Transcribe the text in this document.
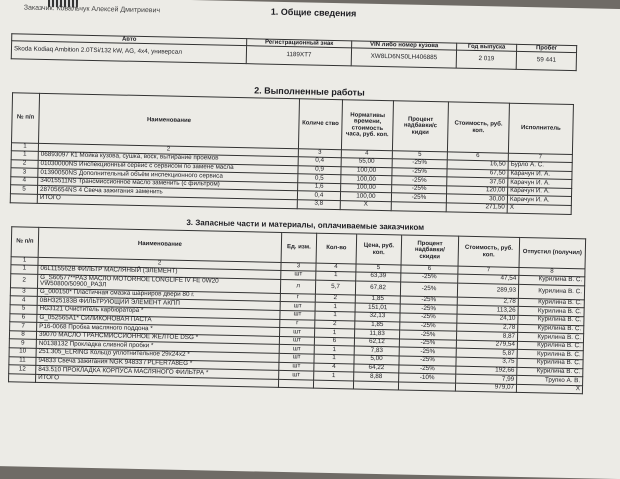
Заказчик: Ковальчук Алексей Дмитриевич	1. Общие сведения
Авто	Регистрационный знак	VIN либо номер кузова	Год выпуска	Пробег
Skoda Kodiaq Ambition 2.0TSi/132 kW, AG, 4x4, универсал	1189ХТ7	XW8LD6NS0LH406885	2 019	59 441
2. Выполненные работы
№ п/п	Наименование	Количе ство	Нормативы времени, стоимость часа, руб. коп.	Процент надбавки/с кидки	Стоимость, руб. коп.	Исполнитель
1	2	3	4	5	6	7
1	06893097 К1 Мойка кузова, сушка, воск, вытирание проемов	0,4	55,00	-25%	16,50	Бурло А. С.
2	01030000NS Инспекционный сервис с сервисом по замене масла	0,9	100,00	-25%	67,50	Карачун И. А.
3	01390050NS Дополнительный объём инспекционного сервиса	0,5	100,00	-25%	37,50	Карачун И. А.
4	34015511NS Трансмиссионное масло заменить (с фильтром)	1,6	100,00	-25%	120,00	Карачун И. А.
5	28705654NS 4 Свеча зажигания заменить	0,4	100,00	-25%	30,00	Карачун И. А.
	ИТОГО	3,8	X		271,50	X
3. Запасные части и материалы, оплачиваемые заказчиком
№ п/п	Наименование	Ед. изм.	Кол-во	Цена, руб. коп.	Процент надбавки/ скидки	Стоимость, руб. коп.	Отпустил (получил)
1	2	3	4	5	6	7	8
1	06L115562B ФИЛЬТР МАСЛЯНЫЙ (ЭЛЕМЕНТ)	шт	1	63,39	-25%	47,54	Курилина В. С.
2	G_S60577**РАЗ МАСЛО MOTORHOE LONGLIFE IV FE 0W20 VW50800/50900_РАЗЛ	л	5,7	67,82	-25%	289,93	Курилина В. С.
3	G_000150* Пластичная смазка шарниров двери 80 г.	г	2	1,85	-25%	2,78	Курилина В. С.
4	0BH325183B ФИЛЬТРУЮЩИЙ ЭЛЕМЕНТ АКПП	шт	1	151,01	-25%	113,26	Курилина В. С.
5	HG3121 Очиститель карбюратора *	шт	1	32,13	-25%	24,10	Курилина В. С.
6	G_052565A1* СИЛИКОНОВАЯ ПАСТА	г	2	1,85	-25%	2,78	Курилина В. С.
7	P16-0068 Пробка масляного поддона *	шт	1	11,83	-25%	8,87	Курилина В. С.
8	39070 МАСЛО ТРАНСМИССИОННОЕ ЖЕЛТОЕ DSG *	шт	6	62,12	-25%	279,54	Курилина В. С.
9	N0138132 Прокладка сливной пробки *	шт	1	7,83	-25%	5,87	Курилина В. С.
10	251.305_ELRING Кольцо уплотнительное 29x24x2 *	шт	1	5,00	-25%	3,75	Курилина В. С.
11	94833 Свеча зажигания NGK 94833 / PLFER7A8EG *	шт	4	64,22	-25%	192,66	Курилина В. С.
12	843.510 ПРОКЛАДКА КОРПУСА МАСЛЯНОГО ФИЛЬТРА *	шт	1	8,88	-10%	7,99	Трупко А. В.
	ИТОГО					979,07	X
